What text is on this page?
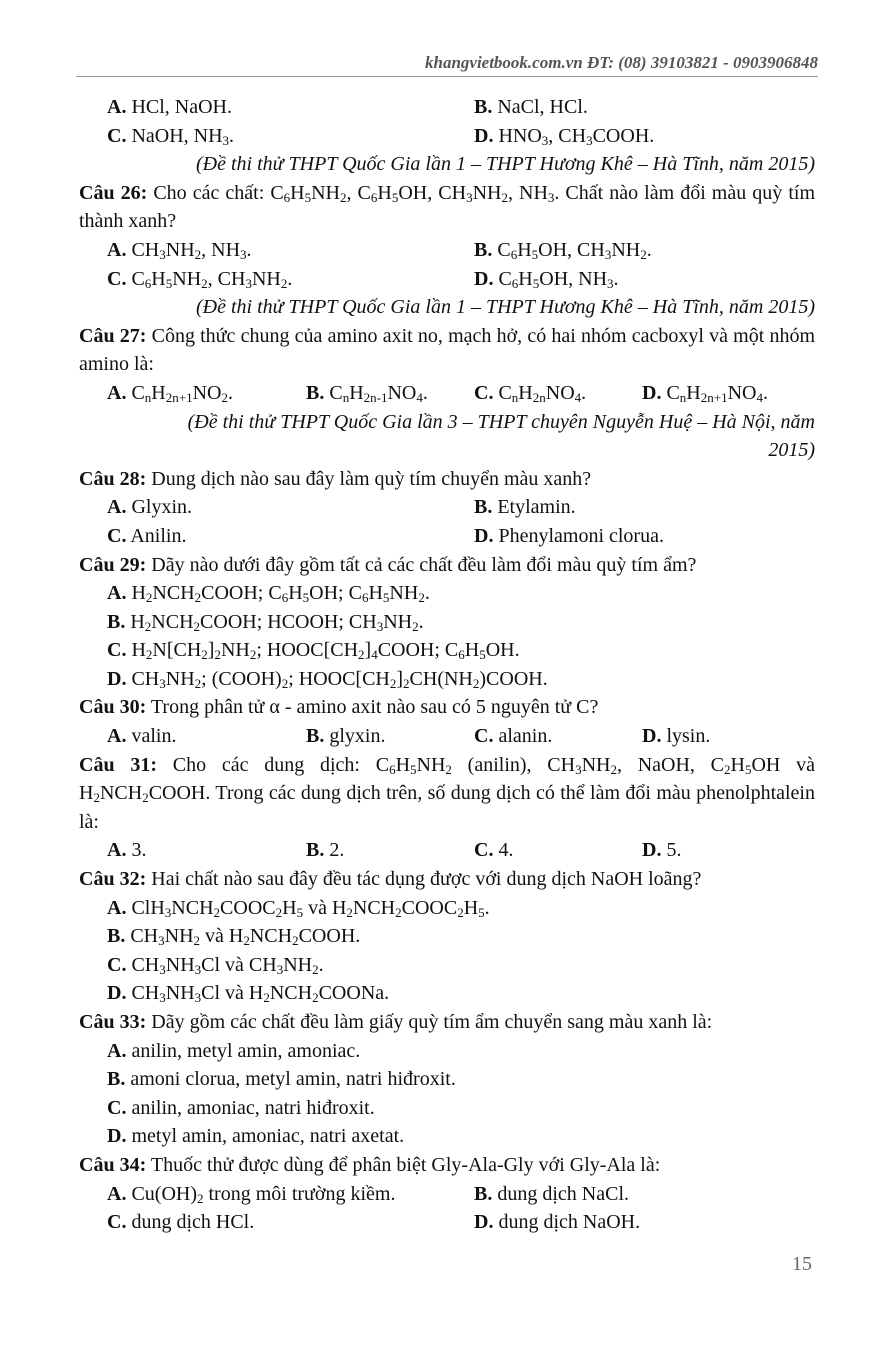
khangvietbook.com.vn ĐT: (08) 39103821 - 0903906848
A. HCl, NaOH.	B. NaCl, HCl.
C. NaOH, $NH_3$.	D. $HNO_3$, $CH_3COOH$.
(Đề thi thử THPT Quốc Gia lần 1 – THPT Hương Khê – Hà Tĩnh, năm 2015)
Câu 26: Cho các chất: $C_6H_5NH_2$, $C_6H_5OH$, $CH_3NH_2$, $NH_3$. Chất nào làm đổi màu quỳ tím thành xanh?
A. $CH_3NH_2$, $NH_3$.	B. $C_6H_5OH$, $CH_3NH_2$.
C. $C_6H_5NH_2$, $CH_3NH_2$.	D. $C_6H_5OH$, $NH_3$.
(Đề thi thử THPT Quốc Gia lần 1 – THPT Hương Khê – Hà Tĩnh, năm 2015)
Câu 27: Công thức chung của amino axit no, mạch hở, có hai nhóm cacboxyl và một nhóm amino là:
A. $C_nH_{2n+1}NO_2$.	B. $C_nH_{2n-1}NO_4$. C. $C_nH_{2n}NO_4$.	D. $C_nH_{2n+1}NO_4$.
(Đề thi thử THPT Quốc Gia lần 3 – THPT chuyên Nguyễn Huệ – Hà Nội, năm
2015)
Câu 28: Dung dịch nào sau đây làm quỳ tím chuyển màu xanh?
A. Glyxin.	B. Etylamin.
C. Anilin.	D. Phenylamoni clorua.
Câu 29: Dãy nào dưới đây gồm tất cả các chất đều làm đổi màu quỳ tím ẩm?
A. $H_2NCH_2COOH$; $C_6H_5OH$; $C_6H_5NH_2$.
B. $H_2NCH_2COOH$; HCOOH; $CH_3NH_2$.
C. $H_2N[CH_2]_2NH_2$; $HOOC[CH_2]_4COOH$; $C_6H_5OH$.
D. $CH_3NH_2$; $(COOH)_2$; $HOOC[CH_2]_2CH(NH_2)COOH$.
Câu 30: Trong phân tử α - amino axit nào sau có 5 nguyên tử C?
A. valin.	B. glyxin.	C. alanin.	D. lysin.
Câu 31: Cho các dung dịch: $C_6H_5NH_2$ (anilin), $CH_3NH_2$, NaOH, $C_2H_5OH$ và $H_2NCH_2COOH$. Trong các dung dịch trên, số dung dịch có thể làm đổi màu phenolphtalein là:
A. 3.	B. 2.	C. 4.	D. 5.
Câu 32: Hai chất nào sau đây đều tác dụng được với dung dịch NaOH loãng?
A. $ClH_3NCH_2COOC_2H_5$ và $H_2NCH_2COOC_2H_5$.
B. $CH_3NH_2$ và $H_2NCH_2COOH$.
C. $CH_3NH_3Cl$ và $CH_3NH_2$.
D. $CH_3NH_3Cl$ và $H_2NCH_2COONa$.
Câu 33: Dãy gồm các chất đều làm giấy quỳ tím ẩm chuyển sang màu xanh là:
A. anilin, metyl amin, amoniac.
B. amoni clorua, metyl amin, natri hiđroxit.
C. anilin, amoniac, natri hiđroxit.
D. metyl amin, amoniac, natri axetat.
Câu 34: Thuốc thử được dùng để phân biệt Gly-Ala-Gly với Gly-Ala là:
A. $Cu(OH)_2$ trong môi trường kiềm.	B. dung dịch NaCl.
C. dung dịch HCl.	D. dung dịch NaOH.
15
